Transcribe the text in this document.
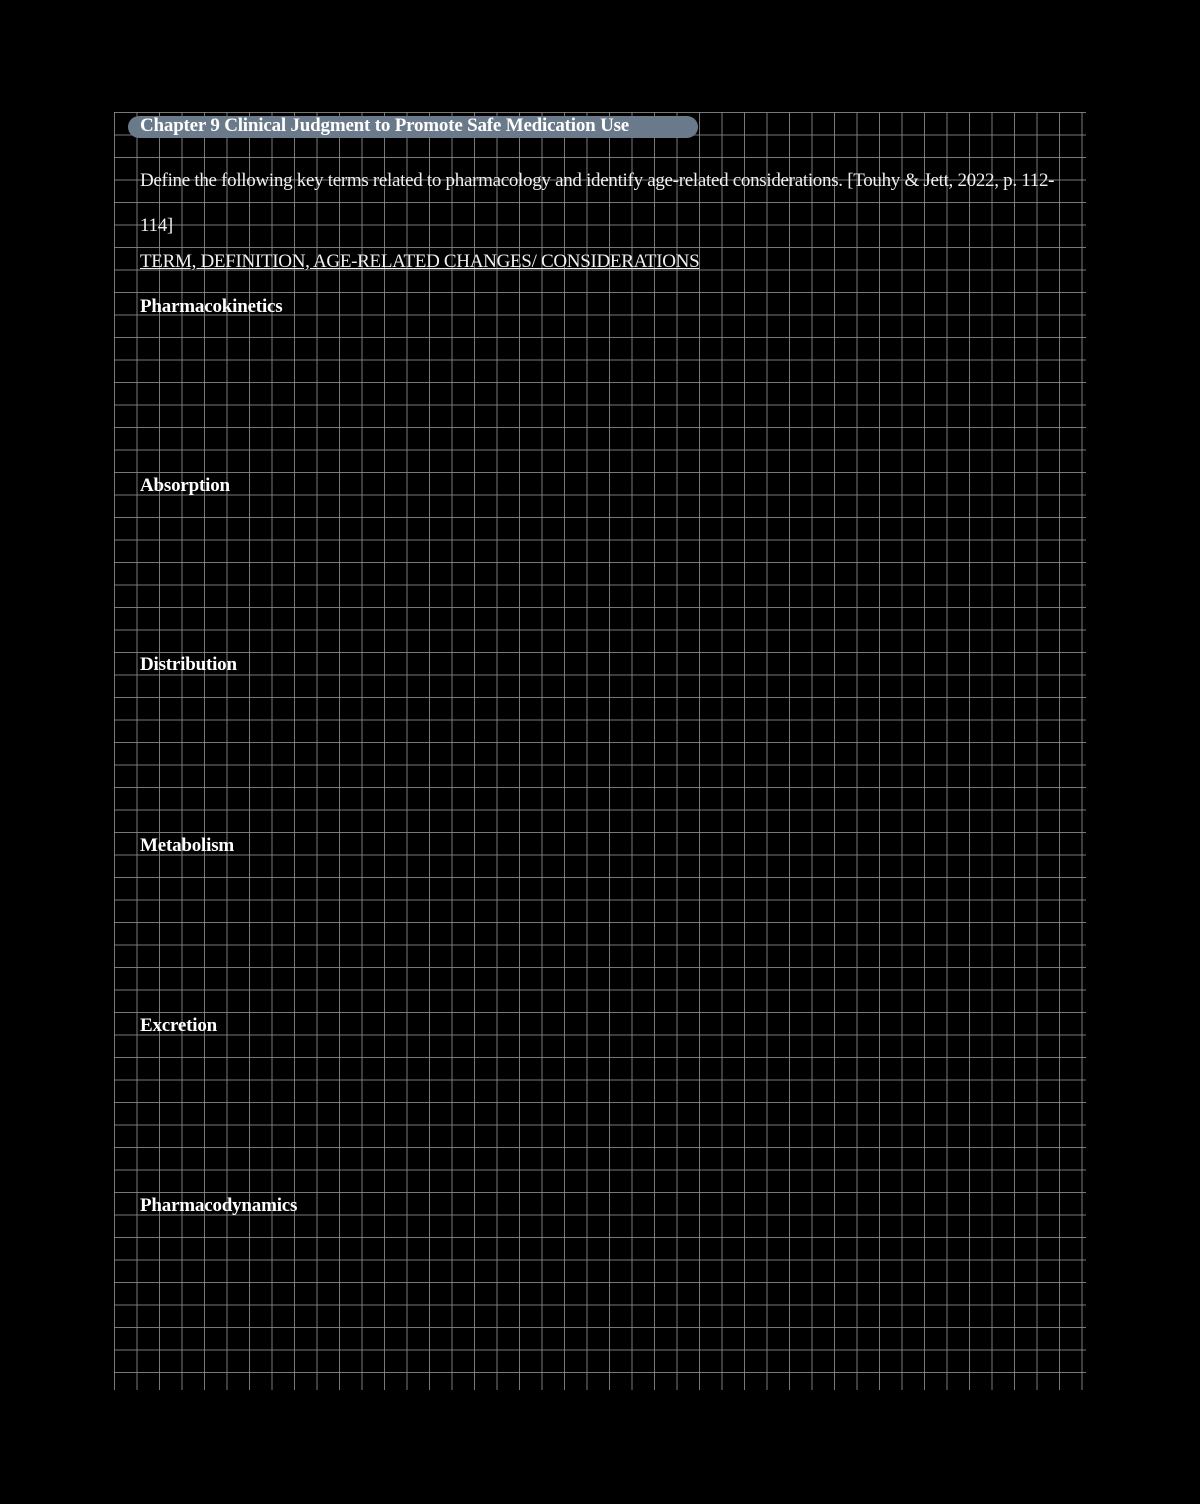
Chapter 9 Clinical Judgment to Promote Safe Medication Use
Define the following key terms related to pharmacology and identify age-related considerations. [Touhy & Jett, 2022, p. 112-114]
TERM, DEFINITION, AGE-RELATED CHANGES/ CONSIDERATIONS
Pharmacokinetics
Absorption
Distribution
Metabolism
Excretion
Pharmacodynamics
